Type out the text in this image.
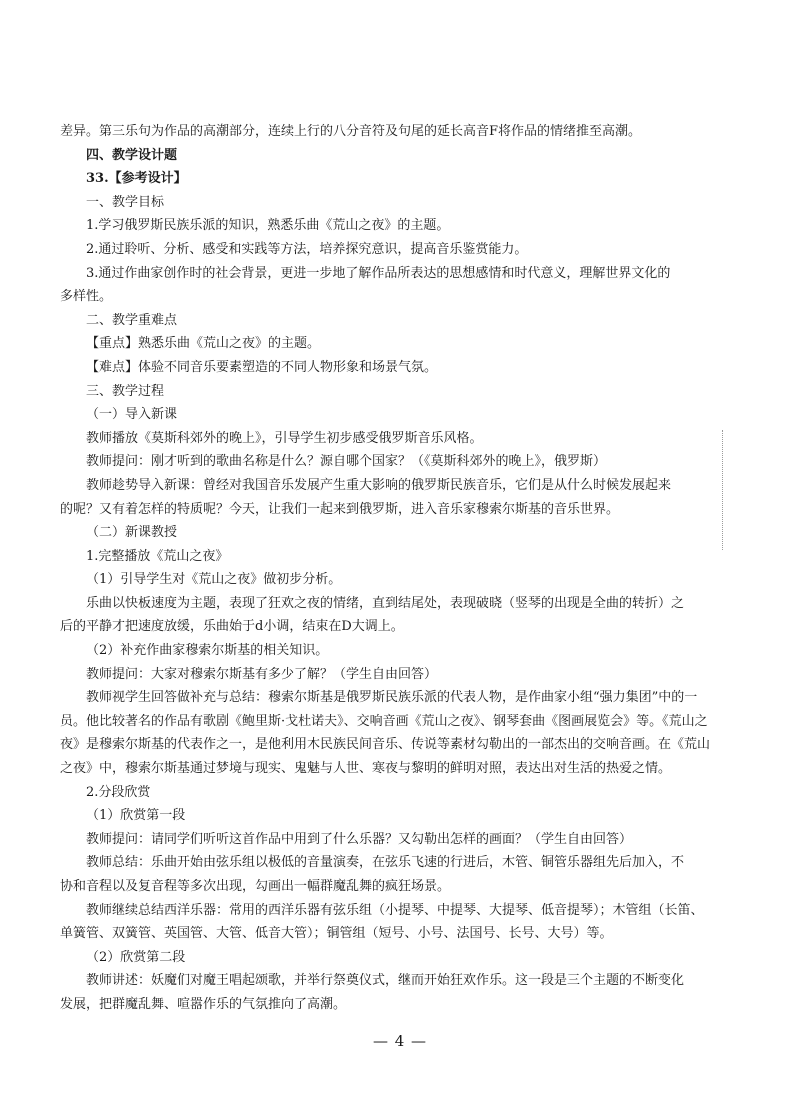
差异。第三乐句为作品的高潮部分，连续上行的八分音符及句尾的延长高音F将作品的情绪推至高潮。

四、教学设计题

33.【参考设计】

一、教学目标

1.学习俄罗斯民族乐派的知识，熟悉乐曲《荒山之夜》的主题。

2.通过聆听、分析、感受和实践等方法，培养探究意识，提高音乐鉴赏能力。

3.通过作曲家创作时的社会背景，更进一步地了解作品所表达的思想感情和时代意义，理解世界文化的

多样性。

二、教学重难点

【重点】熟悉乐曲《荒山之夜》的主题。

【难点】体验不同音乐要素塑造的不同人物形象和场景气氛。

三、教学过程

（一）导入新课

教师播放《莫斯科郊外的晚上》，引导学生初步感受俄罗斯音乐风格。

教师提问：刚才听到的歌曲名称是什么？源自哪个国家？（《莫斯科郊外的晚上》，俄罗斯）

教师趁势导入新课：曾经对我国音乐发展产生重大影响的俄罗斯民族音乐，它们是从什么时候发展起来

的呢？又有着怎样的特质呢？今天，让我们一起来到俄罗斯，进入音乐家穆索尔斯基的音乐世界。

（二）新课教授

1.完整播放《荒山之夜》

（1）引导学生对《荒山之夜》做初步分析。

乐曲以快板速度为主题，表现了狂欢之夜的情绪，直到结尾处，表现破晓（竖琴的出现是全曲的转折）之

后的平静才把速度放缓，乐曲始于d小调，结束在D大调上。

（2）补充作曲家穆索尔斯基的相关知识。

教师提问：大家对穆索尔斯基有多少了解？（学生自由回答）

教师视学生回答做补充与总结：穆索尔斯基是俄罗斯民族乐派的代表人物，是作曲家小组“强力集团”中的一

员。他比较著名的作品有歌剧《鲍里斯·戈杜诺夫》、交响音画《荒山之夜》、钢琴套曲《图画展览会》等。《荒山之

夜》是穆索尔斯基的代表作之一，是他利用木民族民间音乐、传说等素材勾勒出的一部杰出的交响音画。在《荒山

之夜》中，穆索尔斯基通过梦境与现实、鬼魅与人世、寒夜与黎明的鲜明对照，表达出对生活的热爱之情。

2.分段欣赏

（1）欣赏第一段

教师提问：请同学们听听这首作品中用到了什么乐器？又勾勒出怎样的画面？（学生自由回答）

教师总结：乐曲开始由弦乐组以极低的音量演奏，在弦乐飞速的行进后，木管、铜管乐器组先后加入，不

协和音程以及复音程等多次出现，勾画出一幅群魔乱舞的疯狂场景。

教师继续总结西洋乐器：常用的西洋乐器有弦乐组（小提琴、中提琴、大提琴、低音提琴）；木管组（长笛、

单簧管、双簧管、英国管、大管、低音大管）；铜管组（短号、小号、法国号、长号、大号）等。

（2）欣赏第二段

教师讲述：妖魔们对魔王唱起颂歌，并举行祭奠仪式，继而开始狂欢作乐。这一段是三个主题的不断变化

发展，把群魔乱舞、喧嚣作乐的气氛推向了高潮。

— 4 —
